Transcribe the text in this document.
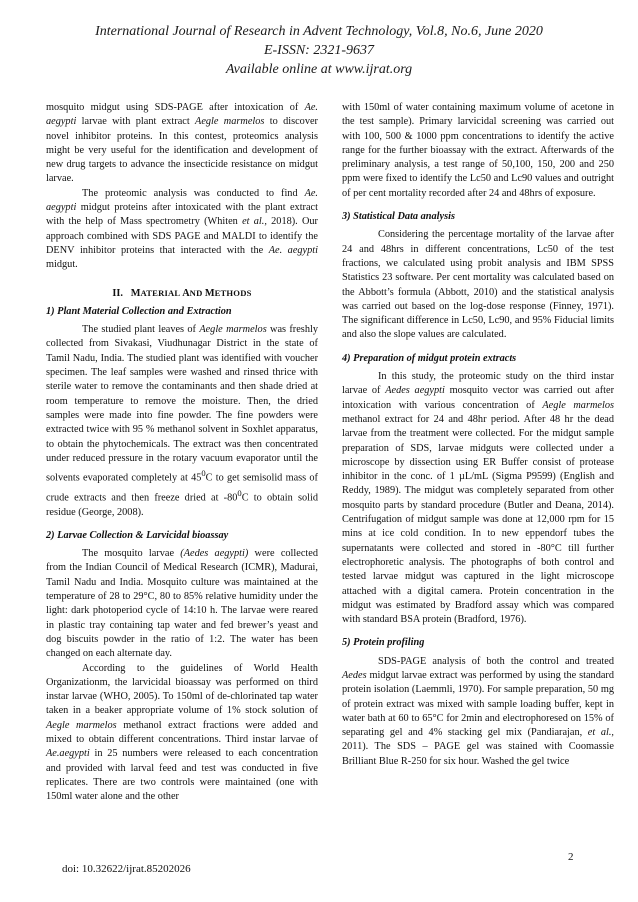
International Journal of Research in Advent Technology, Vol.8, No.6, June 2020
E-ISSN: 2321-9637
Available online at www.ijrat.org

mosquito midgut using SDS-PAGE after intoxication of Ae. aegypti larvae with plant extract Aegle marmelos to discover novel inhibitor proteins. In this contest, proteomics analysis might be very useful for the identification and development of new drug targets to advance the insecticide resistance on midgut larvae.

The proteomic analysis was conducted to find Ae. aegypti midgut proteins after intoxicated with the plant extract with the help of Mass spectrometry (Whiten et al., 2018). Our approach combined with SDS PAGE and MALDI to identify the DENV inhibitor proteins that interacted with the Ae. aegypti midgut.

II. MATERIAL AND METHODS
1) Plant Material Collection and Extraction

The studied plant leaves of Aegle marmelos was freshly collected from Sivakasi, Viudhunagar District in the state of Tamil Nadu, India. The studied plant was identified with voucher specimen. The leaf samples were washed and rinsed thrice with sterile water to remove the contaminants and then shade dried at room temperature to remove the moisture. Then, the dried samples were made into fine powder. The fine powders were extracted twice with 95 % methanol solvent in Soxhlet apparatus, to obtain the phytochemicals. The extract was then concentrated under reduced pressure in the rotary vacuum evaporator until the solvents evaporated completely at $45^0C$ to get semisolid mass of crude extracts and then freeze dried at $-80^0C$ to obtain solid residue (George, 2008).

2) Larvae Collection & Larvicidal bioassay

The mosquito larvae (Aedes aegypti) were collected from the Indian Council of Medical Research (ICMR), Madurai, Tamil Nadu and India. Mosquito culture was maintained at the temperature of 28 to 29°C, 80 to 85% relative humidity under the light: dark photoperiod cycle of 14:10 h. The larvae were reared in plastic tray containing tap water and fed brewer’s yeast and dog biscuits powder in the ratio of 1:2. The water has been changed on each alternate day.

According to the guidelines of World Health Organizationm, the larvicidal bioassay was performed on third instar larvae (WHO, 2005). To 150ml of de-chlorinated tap water taken in a beaker appropriate volume of 1% stock solution of Aegle marmelos methanol extract fractions were added and mixed to obtain different concentrations. Third instar larvae of Ae.aegypti in 25 numbers were released to each concentration and provided with larval feed and test was conducted in five replicates. There are two controls were maintained (one with 150ml water alone and the other

with 150ml of water containing maximum volume of acetone in the test sample). Primary larvicidal screening was carried out with 100, 500 & 1000 ppm concentrations to identify the active range for the further bioassay with the extract. Afterwards of the preliminary analysis, a test range of 50,100, 150, 200 and 250 ppm were fixed to identify the Lc50 and Lc90 values and outright of per cent mortality recorded after 24 and 48hrs of exposure.

3) Statistical Data analysis

Considering the percentage mortality of the larvae after 24 and 48hrs in different concentrations, Lc50 of the test fractions, we calculated using probit analysis and IBM SPSS Statistics 23 software. Per cent mortality was calculated based on the Abbott’s formula (Abbott, 2010) and the statistical analysis was carried out based on the log-dose response (Finney, 1971). The significant difference in Lc50, Lc90, and 95% Fiducial limits and also the slope values are calculated.

4) Preparation of midgut protein extracts

In this study, the proteomic study on the third instar larvae of Aedes aegypti mosquito vector was carried out after intoxication with various concentration of Aegle marmelos methanol extract for 24 and 48hr period. After 48 hr the dead larvae from the treatment were collected. For the midgut sample preparation of SDS, larvae midguts were collected under a microscope by dissection using ER Buffer consist of protease inhibitor in the conc. of 1 µL/mL (Sigma P9599) (English and Reddy, 1989). The midgut was completely separated from other mosquito parts by standard procedure (Butler and Deana, 2014). Centrifugation of midgut sample was done at 12,000 rpm for 15 mins at ice cold condition. In to new eppendorf tubes the supernatants were collected and stored in -80°C till further electrophoretic analysis. The photographs of both control and tested larvae midgut was captured in the light microscope attached with a digital camera. Protein concentration in the midgut was estimated by Bradford assay which was compared with standard BSA protein (Bradford, 1976).

5) Protein profiling

SDS-PAGE analysis of both the control and treated Aedes midgut larvae extract was performed by using the standard protein isolation (Laemmli, 1970). For sample preparation, 50 mg of protein extract was mixed with sample loading buffer, kept in water bath at 60 to 65°C for 2min and electrophoresed on 15% of separating gel and 4% stacking gel mix (Pandiarajan, et al., 2011). The SDS – PAGE gel was stained with Coomassie Brilliant Blue R-250 for six hour. Washed the gel twice

2
doi: 10.32622/ijrat.85202026
